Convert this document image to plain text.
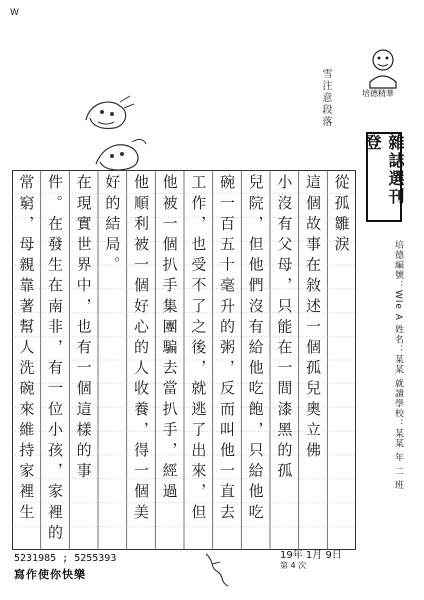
W
培德精華
雜誌選刊登
雪注意段落
培德編號：Wle A 姓名：某某 就讀學校：某某 年 二 班
從孤雛淚
這個故事在敘述一個孤兒奧立佛
小沒有父母，只能在一間漆黑的孤
兒院，但他們沒有給他吃飽，只給他吃
碗一百五十毫升的粥，反而叫他一直去
工作，也受不了之後，就逃了出來，但
他被一個扒手集團騙去當扒手，經過
他順利被一個好心的人收養，得一個美
好的結局。
在現實世界中，也有一個這樣的事
件。在發生在南非，有一位小孩，家裡的
常窮，母親靠著幫人洗碗來維持家裡生
5231985 ; 5255393
寫作使你快樂
19年 1月 9日
第 4 次
